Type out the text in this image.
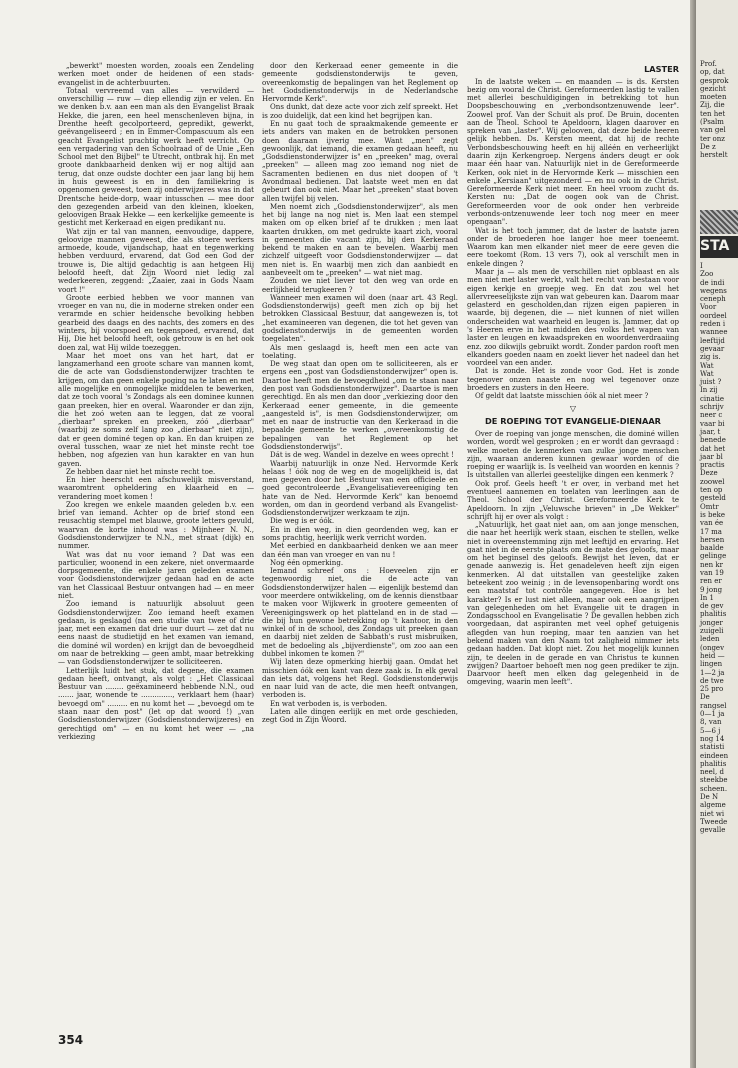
„bewerkt" moesten worden, zooals een Zendeling werken moet onder de heidenen of een stads-evangelist in de achterbuurten.

Totaal vervreemd van alles — verwilderd — onverschillig — ruw — diep ellendig zijn er velen. En we denken b.v. aan een man als den Evangelist Braak Hekke, die jaren, een heel menschenleven bijna, in Drenthe heeft gecolporteerd, gepredikt, gewerkt, geëvangeliseerd ; en in Emmer-Compascuum als een geacht Evangelist prachtig werk heeft verricht. Op een vergadering van den Schoolraad of de Unie „Een School met den Bijbel" te Utrecht, ontbrak hij. En met groote dankbaarheid denken wij er nog altijd aan terug, dat onze oudste dochter een jaar lang bij hem in huis geweest is en in den familiekring is opgenomen geweest, toen zij onderwijzeres was in dat Drentsche heide-dorp, waar intusschen — mee door den gezegenden arbeid van den kleinen, kloeken, geloovigen Braak Hekke — een kerkelijke gemeente is gesticht met Kerkeraad en eigen predikant nu.

Wat zijn er tal van mannen, eenvoudige, dappere, geloovige mannen geweest, die als stoere werkers armoede, koude, vijandschap, haat en tegenwerking hebben verduurd, ervarend, dat God een God der trouwe is, Die altijd gedachtig is aan hetgeen Hij beloofd heeft, dat Zijn Woord niet ledig zal wederkeeren, zeggend: „Zaaier, zaai in Gods Naam voort !"

Groote eerbied hebben we voor mannen van vroeger en van nu, die in moderne streken onder een verarmde en schier heidensche bevolking hebben gearbeid des daags en des nachts, des zomers en des winters, bij voorspoed en tegenspoed, ervarend, dat Hij, Die het beloofd heeft, ook getrouw is en het ook doen zal, wat Hij wilde toezeggen.

Maar het moet ons van het hart, dat er langzamerhand een groote schare van mannen komt, die de acte van Godsdienstonderwijzer trachten te krijgen, om dan geen enkele poging na te laten en met alle mogelijke en onmogelijke middelen te bewerken, dat ze toch vooral 's Zondags als een dominee kunnen gaan preeken, hier en overal. Waaronder er dan zijn, die het zoó weten aan te leggen, dat ze vooral „dierbaar" spreken en preeken, zóó „dierbaar" (waarbij ze soms zelf lang zoo „dierbaar" niet zijn), dat er geen dominé tegen op kan. En dan kruipen ze overal tusschen, waar ze niet het minste recht toe hebben, nog afgezien van hun karakter en van hun gaven.

Ze hebben daar niet het minste recht toe.

En hier heerscht een afschuwelijk misverstand, waaromtrent opheldering en klaarheid en — verandering moet komen !

Zoo kregen we enkele maanden geleden b.v. een brief van iemand. Achter op de brief stond een reusachtig stempel met blauwe, groote letters gevuld, waarvan de korte inhoud was : Mijnheer N. N., Godsdienstonderwijzer te N.N., met straat (dijk) en nummer.

Wat was dat nu voor iemand ? Dat was een particulier, woonend in een zekere, niet onvermaarde dorpsgemeente, die enkele jaren geleden examen voor Godsdienstonderwijzer gedaan had en de acte van het Classicaal Bestuur ontvangen had — en meer niet.

Zoo iemand is natuurlijk absoluut geen Godsdienstonderwijzer. Zoo iemand heeft examen gedaan, is geslaagd (na een studie van twee of drie jaar, met een examen dat drie uur duurt — zet dat nu eens naast de studietijd en het examen van iemand, die dominé wil worden) en krijgt dan de bevoegdheid om naar de betrekking — geen ambt, maar betrekking — van Godsdienstonderwijzer te solliciteeren.

Letterlijk luidt het stuk, dat degene, die examen gedaan heeft, ontvangt, als volgt : „Het Classicaal Bestuur van ........ geëxamineerd hebbende N.N., oud ....... jaar, wonende te .............., verklaart hem (haar) bevoegd om" ......... en nu komt het — „bevoegd om te staan naar den post" (let op dat woord !) „van Godsdienstonderwijzer (Godsdienstonderwijzeres) en gerechtigd om" — en nu komt het weer — „na verkiezing

door den Kerkeraad eener gemeente in die gemeente godsdienstonderwijs te geven, overeenkomstig de bepalingen van het Reglement op het Godsdienstonderwijs in de Nederlandsche Hervormde Kerk".

Ons dunkt, dat deze acte voor zich zelf spreekt. Het is zoo duidelijk, dat een kind het begrijpen kan.

En nu gaat toch de spraakmakende gemeente er iets anders van maken en de betrokken personen doen daaraan ijverig mee. Want „men" zegt gewoonlijk, dat iemand, die examen gedaan heeft, nu „Godsdienstonderwijzer is" en „preeken" mag, overal „preeken" — alleen mag zoo iemand nog niet de Sacramenten bedienen en dus niet doopen of 't Avondmaal bedienen. Dat laatste weet men en dat gebeurt dan ook niet. Maar het „preeken" staat boven allen twijfel bij velen.

Men noemt zich „Godsdienstonderwijzer", als men het bij lange na nog niet is. Men laat een stempel maken om op elken brief af te drukken ; men laat kaarten drukken, om met gedrukte kaart zich, vooral in gemeenten die vacant zijn, bij den Kerkeraad bekend te maken en aan te bevelen. Waarbij men zichzelf uitgeeft voor Godsdienstonderwijzer — dat men niet is. En waarbij men zich dan aanbiedt en aanbeveelt om te „preeken" — wat niet mag.

Zouden we niet liever tot den weg van orde en eerlijkheid terugkeeren ?

Wanneer men examen wil doen (naar art. 43 Regl. Godsdienstonderwijs) geeft men zich op bij het betrokken Classicaal Bestuur, dat aangewezen is, tot „het examineeren van degenen, die tot het geven van godsdienstonderwijs in de gemeenten worden toegelaten".

Als men geslaagd is, heeft men een acte van toelating.

De weg staat dan open om te solliciteeren, als er ergens een „post van Godsdienstonderwijzer" open is. Daartoe heeft men de bevoegdheid „om te staan naar den post van Godsdienstonderwijzer". Daartoe is men gerechtigd. En als men dan door „verkiezing door den Kerkeraad eener gemeente, in die gemeente „aangesteld is", is men Godsdienstonderwijzer, om met en naar de instructie van den Kerkeraad in die bepaalde gemeente te werken „overeenkomstig de bepalingen van het Reglement op het Godsdienstonderwijs".

Dát is de weg. Wandel in dezelve en wees oprecht !

Waarbij natuurlijk in onze Ned. Hervormde Kerk helaas ! óók nog de weg en de mogelijkheid is, dat men gegeven door het Bestuur van een officieele en goed gecontroleerde „Evangelisatievereeniging ten hate van de Ned. Hervormde Kerk" kan benoemd worden, om dan in geordend verband als Evangelist-Godsdienstonderwijzer werkzaam te zijn.

Die weg is er óók.

En in dien weg, in dien geordenden weg, kan er soms prachtig, heerlijk werk verricht worden.

Met eerbied en dankbaarheid denken we aan meer dan één man van vroeger en van nu !

Nog één opmerking.

Iemand schreef ons : Hoeveelen zijn er tegenwoordig niet, die de acte van Godsdienstonderwijzer halen — eigenlijk bestemd dan voor meerdere ontwikkeling, om de kennis dienstbaar te maken voor Wijkwerk in grootere gemeenten of Vereenigingswerk op het platteland en in de stad — die bij hun gewone betrekking op 't kantoor, in den winkel of in de school, des Zondags uit preeken gaan en daarbij niet zelden de Sabbath's rust misbruiken, met de bedoeling als „bijverdienste", om zoo aan een dubbel inkomen te komen ?"

Wij laten deze opmerking hierbij gaan. Omdat het misschien óók een kant van deze zaak is. In elk geval dan iets dat, volgens het Regl. Godsdienstonderwijs en naar luid van de acte, die men heeft ontvangen, verboden is.

En wat verboden is, is verboden.

Laten alle dingen eerlijk en met orde geschieden, zegt God in Zijn Woord.

LASTER

In de laatste weken — en maanden — is ds. Kersten bezig om vooral de Christ. Gereformeerden lastig te vallen met allerlei beschuldigingen in betrekking tot hun Doopsbeschouwing en „verbondsontzenuwende leer". Zoowel prof. Van der Schuit als prof. De Bruin, docenten aan de Theol. School te Apeldoorn, klagen daarover en spreken van „laster". Wij gelooven, dat deze beide heeren gelijk hebben. Ds. Kersten meent, dat hij de rechte Verbondsbeschouwing heeft en hij alléén en verheerlijkt daarin zijn Kerkengroep. Nergens ánders deugt er ook maar één haar van. Natuurlijk niet in de Gereformeerde Kerken, ook niet in de Hervormde Kerk — misschien een enkele „Kersiaan" uitgezonderd — en nu ook in de Christ. Gereformeerde Kerk niet meer. En heel vroom zucht ds. Kersten nu: „Dat de oogen ook van de Christ. Gereformeerden voor de ook onder hen verbreide verbonds-ontzenuwende leer toch nog meer en meer opengaan".

Wat is het toch jammer, dat de laster de laatste jaren onder de broederen hoe langer hoe meer toeneemt. Waarom kan men elkander niet meer de eere geven die eere toekomt (Rom. 13 vers 7), ook al verschilt men in enkele dingen ?

Maar ja — als men de verschillen niet opblaast en als men niet met laster werkt, valt het recht van bestaan voor eigen kerkje en groepje weg. En dat zou wel het allervreeselijkste zijn van wat gebeuren kan. Daarom maar gelasterd en gescholden,dan rijzen eigen papieren in waarde, bij degenen, die — niet kunnen of niet willen onderscheiden wat waarheid en leugen is. Jammer, dat op 's Heeren erve in het midden des volks het wapen van laster en leugen en kwaadspreken en woordenverdraaiing enz. zoo dikwijls gebruikt wordt. Zonder pardon rooft men elkanders goeden naam en zoekt liever het nadeel dan het voordeel van een ander.

Dat is zonde. Het is zonde voor God. Het is zonde tegenover onzen naaste en nog wel tegenover onze broeders en zusters in den Heere.

Of geldt dat laatste misschien óók al niet meer ?

▽
DE ROEPING TOT EVANGELIE-DIENAAR

Over de roeping van jonge menschen, die dominé willen worden, wordt wel gesproken ; en er wordt dan gevraagd : welke moeten de kenmerken van zulke jonge menschen zijn, waaraan anderen kunnen gewaar worden of die roeping er waarlijk is. Is veelheid van woorden en kennis ? Is uitstallen van allerlei geestelijke dingen een kenmerk ?

Ook prof. Geels heeft 't er over, in verband met het eventueel aannemen en toelaten van leerlingen aan de Theol. School der Christ. Gereformeerde Kerk te Apeldoorn. In zijn „Veluwsche brieven" in „De Wekker" schrijft hij er over als volgt :

„Natuurlijk, het gaat niet aan, om aan jonge menschen, die naar het heerlijk werk staan, eischen te stellen, welke niet in overeenstemming zijn met leeftijd en ervaring. Het gaat niet in de eerste plaats om de mate des geloofs, maar om het beginsel des geloofs. Bewijst het leven, dat er genade aanwezig is. Het genadeleven heeft zijn eigen kenmerken. Al dat uitstallen van geestelijke zaken beteekent zoo weinig ; in de levensopenbaring wordt ons een maatstaf tot contrôle aangegeven. Hoe is het karakter? Is er lust niet alleen, maar ook een aangrijpen van gelegenheden om het Evangelie uit te dragen in Zondagsschool en Evangelisatie ? De gevallen hebben zich voorgedaan, dat aspiranten met veel ophef getuigenis aflegden van hun roeping, maar ten aanzien van het bekend maken van den Naam tot zaligheid nimmer iets gedaan hadden. Dat klopt niet. Zou het mogelijk kunnen zijn, te deelen in de gerade en van Christus te kunnen zwijgen? Daartoer behoeft men nog geen prediker te zijn. Daarvoor heeft men elken dag gelegenheid in de omgeving, waarin men leeft".

354
Prof.
op, dat
gesprok
gezicht
moeten
Zij, die
ten het
(Psalm
van gel
ter onz
De z
herstelt
STA
I
Zoo
de indi
wegens
ceneph
Voor
oordeel
reden i
wannee
leeftijd
gevaar
zig is.
Wat
Wat
juist ?
In zij
cinatie
schrijv
neer c
vaar bi
jaar, t
benede
dat het
jaar bl
practis
Deze
zoowel
ten op
gesteld
Omtr
is beke
van ée
17 ma
hersen
baalde
gelinge
nen kr
van 19
ren er
9 jong
In 1
de gev
phalitis
jonger
zuigeli
leden
(ongev
heid —
lingen
1—2 ja
de twe
25 pro
De
rangsel
0—1 ja
8, van
5—6 j
nog 14
statisti
eindeen
phalitis
neel, d
steekbe
scheen.
De N
algeme
niet wi
Tweede
gevalle
